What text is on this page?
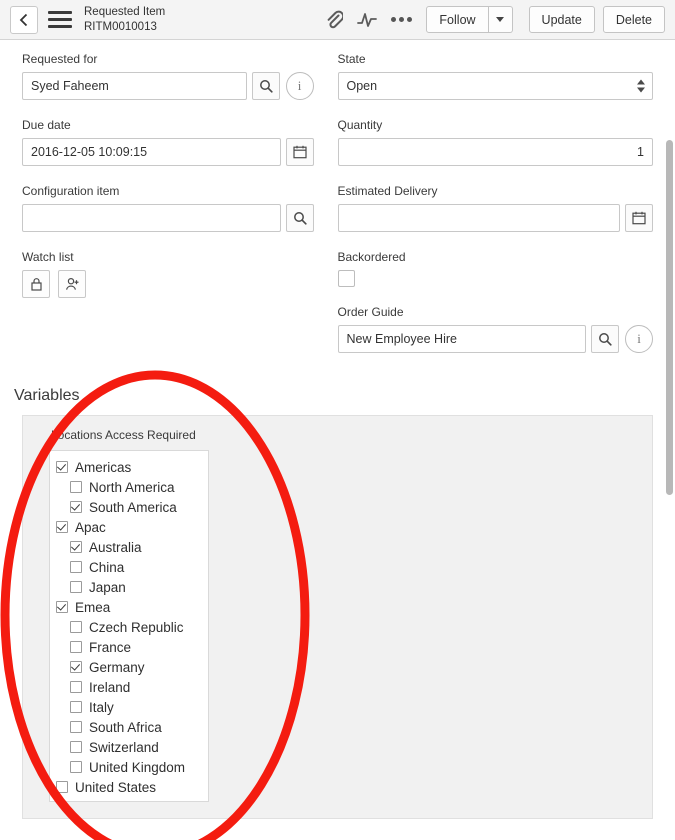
Requested Item
RITM0010013	Follow	Update	Delete
Requested for
Syed Faheem	i
State
Open
Due date
2016-12-05 10:09:15
Quantity
1
Configuration item	Estimated Delivery
Watch list	Backordered
Order Guide
New Employee Hire	i
Variables
Locations Access Required
Americas
North America
South America
Apac
Australia
China
Japan
Emea
Czech Republic
France
Germany
Ireland
Italy
South Africa
Switzerland
United Kingdom
United States
